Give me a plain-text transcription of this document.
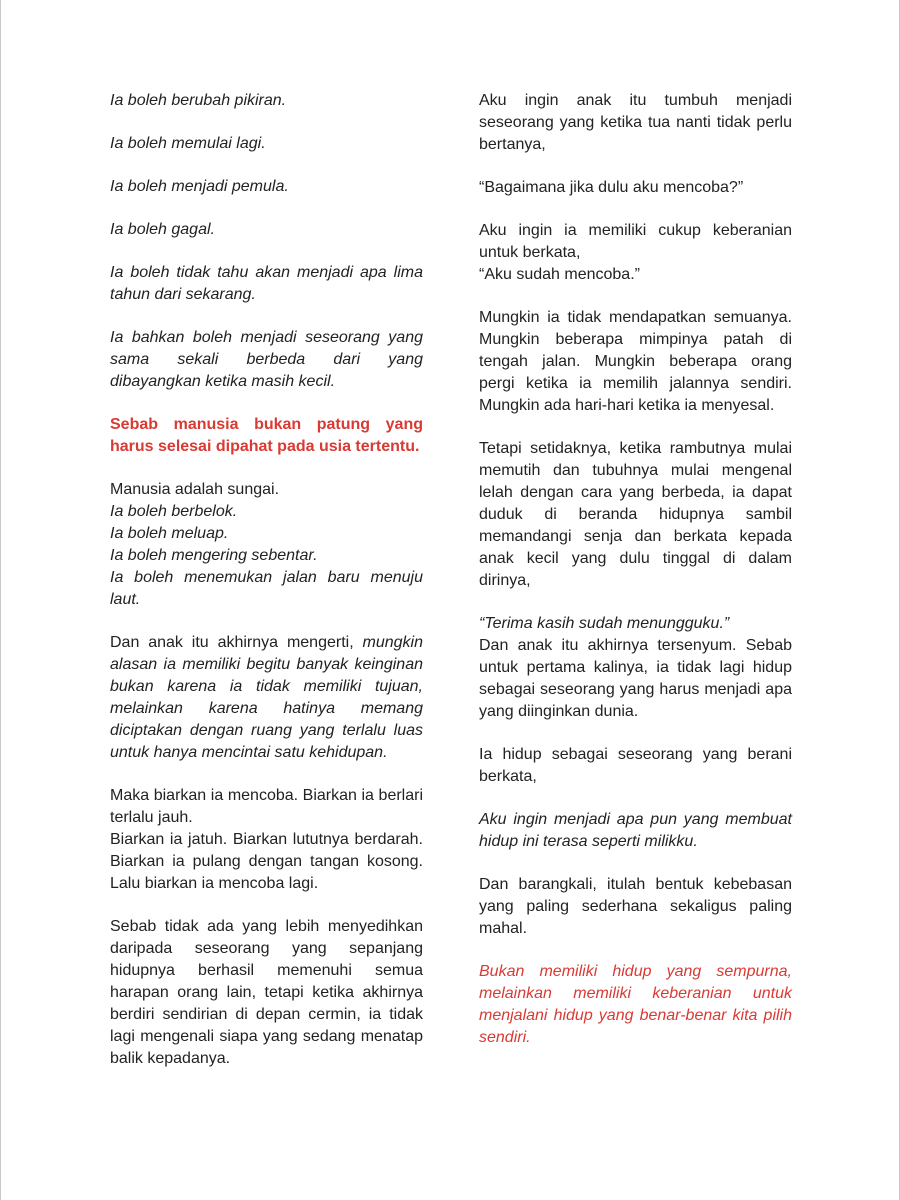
Ia boleh berubah pikiran.

Ia boleh memulai lagi.

Ia boleh menjadi pemula.

Ia boleh gagal.

Ia boleh tidak tahu akan menjadi apa lima tahun dari sekarang.

Ia bahkan boleh menjadi seseorang yang sama sekali berbeda dari yang dibayangkan ketika masih kecil.

Sebab manusia bukan patung yang harus selesai dipahat pada usia tertentu.

Manusia adalah sungai.
Ia boleh berbelok.
Ia boleh meluap.
Ia boleh mengering sebentar.
Ia boleh menemukan jalan baru menuju laut.

Dan anak itu akhirnya mengerti, mungkin alasan ia memiliki begitu banyak keinginan bukan karena ia tidak memiliki tujuan, melainkan karena hatinya memang diciptakan dengan ruang yang terlalu luas untuk hanya mencintai satu kehidupan.

Maka biarkan ia mencoba. Biarkan ia berlari terlalu jauh.
Biarkan ia jatuh. Biarkan lututnya berdarah. Biarkan ia pulang dengan tangan kosong. Lalu biarkan ia mencoba lagi.

Sebab tidak ada yang lebih menyedihkan daripada seseorang yang sepanjang hidupnya berhasil memenuhi semua harapan orang lain, tetapi ketika akhirnya berdiri sendirian di depan cermin, ia tidak lagi mengenali siapa yang sedang menatap balik kepadanya.

Aku ingin anak itu tumbuh menjadi seseorang yang ketika tua nanti tidak perlu bertanya,

“Bagaimana jika dulu aku mencoba?”

Aku ingin ia memiliki cukup keberanian untuk berkata,
“Aku sudah mencoba.”

Mungkin ia tidak mendapatkan semuanya. Mungkin beberapa mimpinya patah di tengah jalan. Mungkin beberapa orang pergi ketika ia memilih jalannya sendiri. Mungkin ada hari-hari ketika ia menyesal.

Tetapi setidaknya, ketika rambutnya mulai memutih dan tubuhnya mulai mengenal lelah dengan cara yang berbeda, ia dapat duduk di beranda hidupnya sambil memandangi senja dan berkata kepada anak kecil yang dulu tinggal di dalam dirinya,

“Terima kasih sudah menungguku.”
Dan anak itu akhirnya tersenyum. Sebab untuk pertama kalinya, ia tidak lagi hidup sebagai seseorang yang harus menjadi apa yang diinginkan dunia.

Ia hidup sebagai seseorang yang berani berkata,

Aku ingin menjadi apa pun yang membuat hidup ini terasa seperti milikku.

Dan barangkali, itulah bentuk kebebasan yang paling sederhana sekaligus paling mahal.

Bukan memiliki hidup yang sempurna, melainkan memiliki keberanian untuk menjalani hidup yang benar-benar kita pilih sendiri.
